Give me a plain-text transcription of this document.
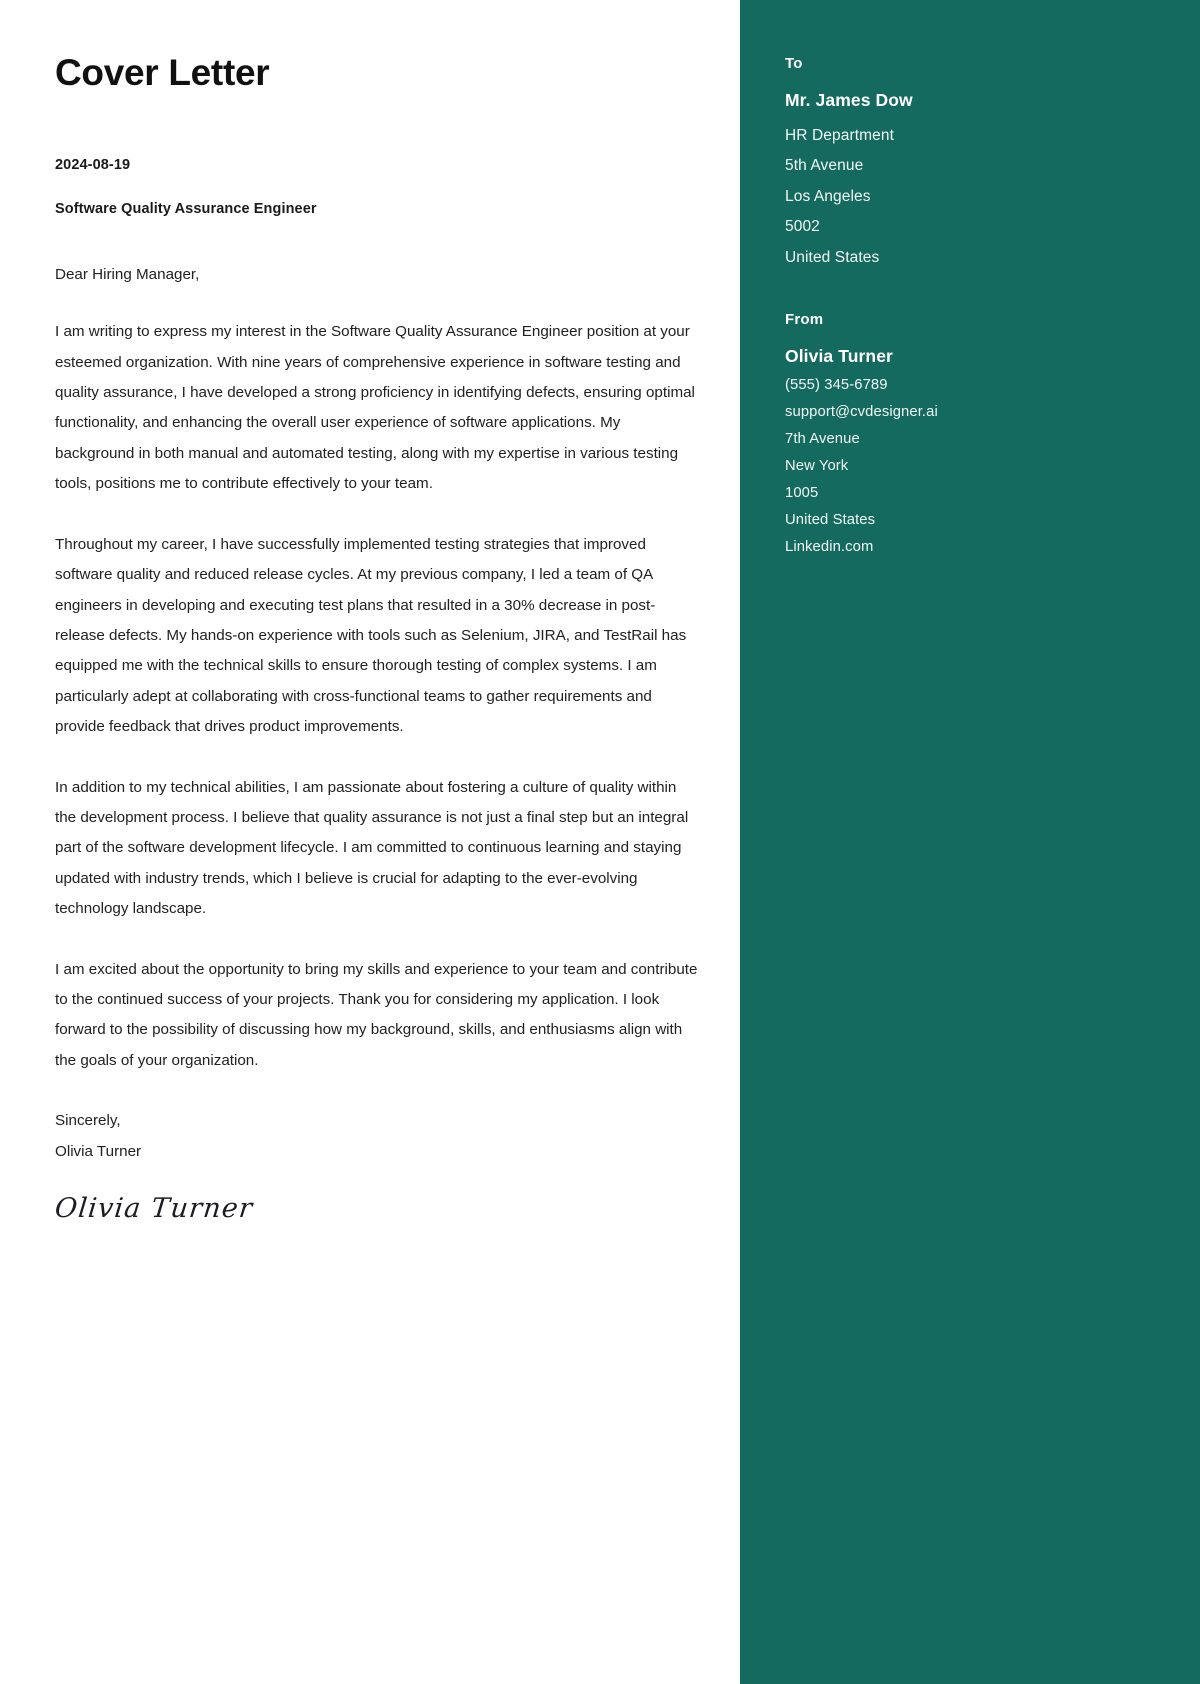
Cover Letter
2024-08-19
Software Quality Assurance Engineer
Dear Hiring Manager,

I am writing to express my interest in the Software Quality Assurance Engineer position at your esteemed organization. With nine years of comprehensive experience in software testing and quality assurance, I have developed a strong proficiency in identifying defects, ensuring optimal functionality, and enhancing the overall user experience of software applications. My background in both manual and automated testing, along with my expertise in various testing tools, positions me to contribute effectively to your team.

Throughout my career, I have successfully implemented testing strategies that improved software quality and reduced release cycles. At my previous company, I led a team of QA engineers in developing and executing test plans that resulted in a 30% decrease in post-release defects. My hands-on experience with tools such as Selenium, JIRA, and TestRail has equipped me with the technical skills to ensure thorough testing of complex systems. I am particularly adept at collaborating with cross-functional teams to gather requirements and provide feedback that drives product improvements.

In addition to my technical abilities, I am passionate about fostering a culture of quality within the development process. I believe that quality assurance is not just a final step but an integral part of the software development lifecycle. I am committed to continuous learning and staying updated with industry trends, which I believe is crucial for adapting to the ever-evolving technology landscape.

I am excited about the opportunity to bring my skills and experience to your team and contribute to the continued success of your projects. Thank you for considering my application. I look forward to the possibility of discussing how my background, skills, and enthusiasms align with the goals of your organization.

Sincerely,
Olivia Turner
Olivia Turner
To
Mr. James Dow
HR Department
5th Avenue
Los Angeles
5002
United States
From
Olivia Turner
(555) 345-6789
support@cvdesigner.ai
7th Avenue
New York
1005
United States
Linkedin.com
